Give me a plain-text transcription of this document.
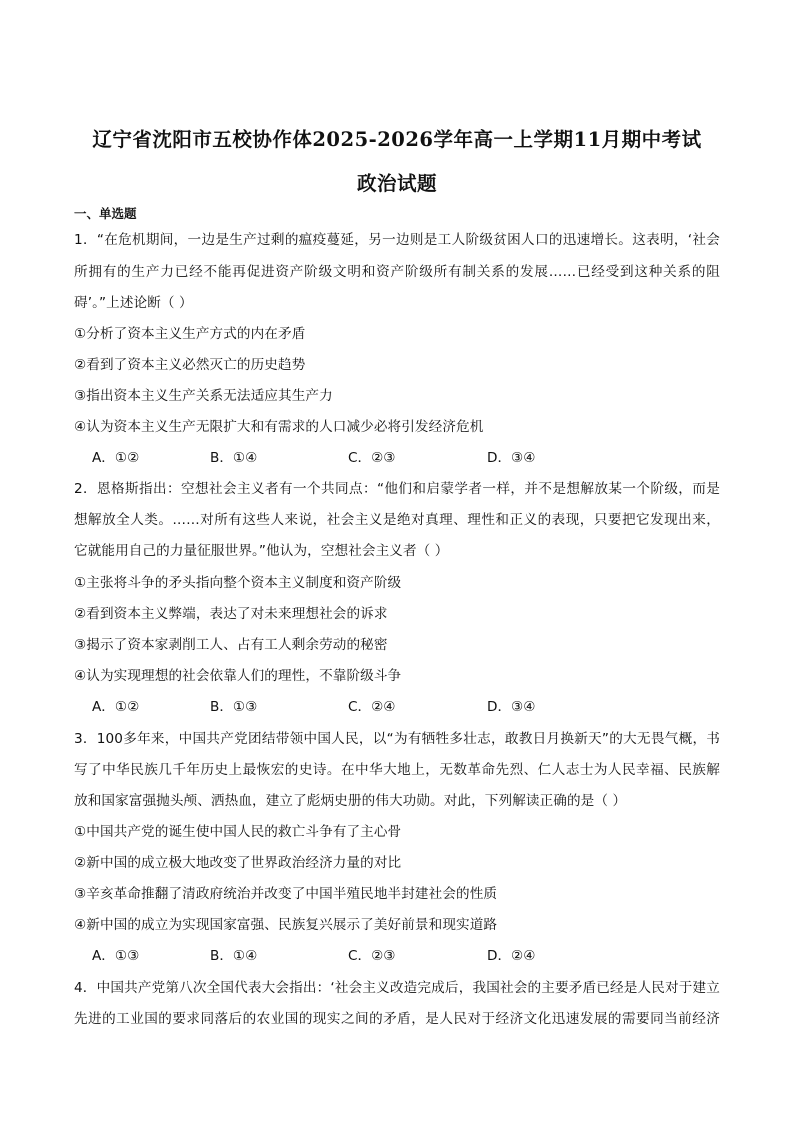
辽宁省沈阳市五校协作体2025-2026学年高一上学期11月期中考试
政治试题
一、单选题
1．“在危机期间，一边是生产过剩的瘟疫蔓延，另一边则是工人阶级贫困人口的迅速增长。这表明，‘社会
所拥有的生产力已经不能再促进资产阶级文明和资产阶级所有制关系的发展……已经受到这种关系的阻
碍’。”上述论断（ ）
①分析了资本主义生产方式的内在矛盾
②看到了资本主义必然灭亡的历史趋势
③指出资本主义生产关系无法适应其生产力
④认为资本主义生产无限扩大和有需求的人口减少必将引发经济危机
A．①②	B．①④	C．②③	D．③④
2．恩格斯指出：空想社会主义者有一个共同点：“他们和启蒙学者一样，并不是想解放某一个阶级，而是
想解放全人类。……对所有这些人来说，社会主义是绝对真理、理性和正义的表现，只要把它发现出来，
它就能用自己的力量征服世界。”他认为，空想社会主义者（ ）
①主张将斗争的矛头指向整个资本主义制度和资产阶级
②看到资本主义弊端，表达了对未来理想社会的诉求
③揭示了资本家剥削工人、占有工人剩余劳动的秘密
④认为实现理想的社会依靠人们的理性，不靠阶级斗争
A．①②	B．①③	C．②④	D．③④
3．100多年来，中国共产党团结带领中国人民，以“为有牺牲多壮志，敢教日月换新天”的大无畏气概，书
写了中华民族几千年历史上最恢宏的史诗。在中华大地上，无数革命先烈、仁人志士为人民幸福、民族解
放和国家富强抛头颅、洒热血，建立了彪炳史册的伟大功勋。对此，下列解读正确的是（ ）
①中国共产党的诞生使中国人民的救亡斗争有了主心骨
②新中国的成立极大地改变了世界政治经济力量的对比
③辛亥革命推翻了清政府统治并改变了中国半殖民地半封建社会的性质
④新中国的成立为实现国家富强、民族复兴展示了美好前景和现实道路
A．①③	B．①④	C．②③	D．②④
4．中国共产党第八次全国代表大会指出：‘社会主义改造完成后，我国社会的主要矛盾已经是人民对于建立
先进的工业国的要求同落后的农业国的现实之间的矛盾，是人民对于经济文化迅速发展的需要同当前经济
